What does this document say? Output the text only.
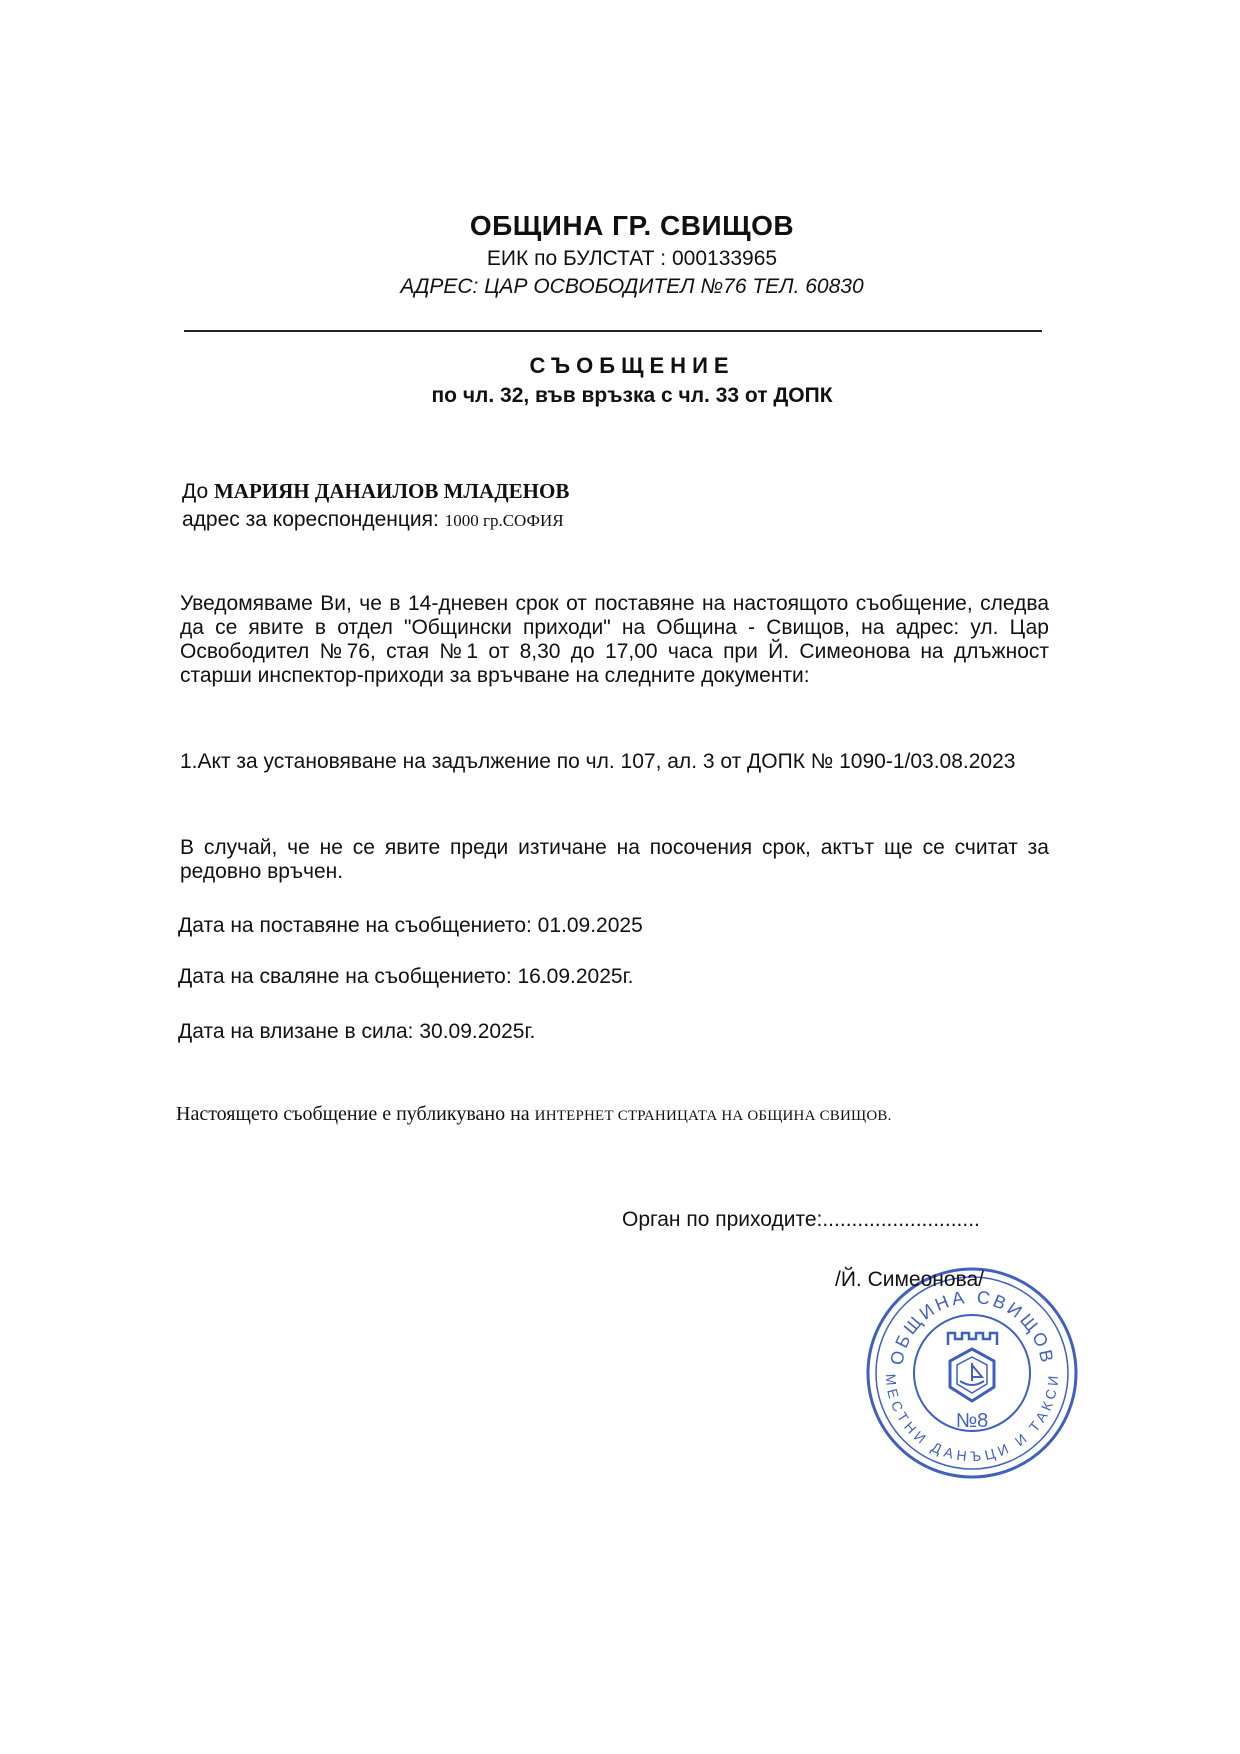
ОБЩИНА ГР. СВИЩОВ
ЕИК по БУЛСТАТ : 000133965
АДРЕС: ЦАР ОСВОБОДИТЕЛ №76 ТЕЛ. 60830
СЪОБЩЕНИЕ
по чл. 32, във връзка с чл. 33 от ДОПК
До МАРИЯН ДАНАИЛОВ МЛАДЕНОВ
адрес за кореспонденция: 1000 гр.СОФИЯ
Уведомяваме Ви, че в 14-дневен срок от поставяне на настоящото съобщение, следва да се явите в отдел "Общински приходи" на Община - Свищов, на адрес: ул. Цар Освободител №76, стая №1 от 8,30 до 17,00 часа при Й. Симеонова на длъжност старши инспектор-приходи за връчване на следните документи:
1.Акт за установяване на задължение по чл. 107, ал. 3 от ДОПК № 1090-1/03.08.2023
В случай, че не се явите преди изтичане на посочения срок, актът ще се считат за редовно връчен.
Дата на поставяне на съобщението: 01.09.2025
Дата на сваляне на съобщението: 16.09.2025г.
Дата на влизане в сила: 30.09.2025г.
Настоящето съобщение е публикувано на ИНТЕРНЕТ СТРАНИЦАТА НА ОБЩИНА СВИЩОВ.
Орган по приходите:...........................
ОБЩИНА СВИЩОВ
МЕСТНИ ДАНЪЦИ И ТАКСИ
№8
/Й. Симеонова/
